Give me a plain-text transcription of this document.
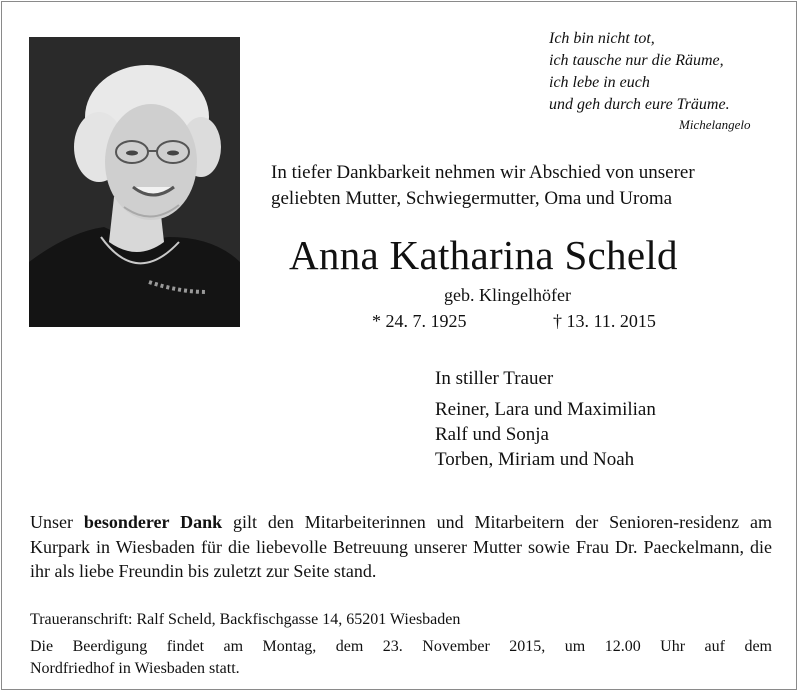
Ich bin nicht tot,
ich tausche nur die Räume,
ich lebe in euch
und geh durch eure Träume.
Michelangelo
In tiefer Dankbarkeit nehmen wir Abschied von unserer
geliebten Mutter, Schwiegermutter, Oma und Uroma
Anna Katharina Scheld
geb. Klingelhöfer
* 24. 7. 1925	† 13. 11. 2015
In stiller Trauer
Reiner, Lara und Maximilian
Ralf und Sonja
Torben, Miriam und Noah
Unser besonderer Dank gilt den Mitarbeiterinnen und Mitarbeitern der Senioren-residenz am Kurpark in Wiesbaden für die liebevolle Betreuung unserer Mutter sowie Frau Dr. Paeckelmann, die ihr als liebe Freundin bis zuletzt zur Seite stand.
Traueranschrift: Ralf Scheld, Backfischgasse 14, 65201 Wiesbaden
Die Beerdigung findet am Montag, dem 23. November 2015, um 12.00 Uhr auf dem
Nordfriedhof in Wiesbaden statt.
